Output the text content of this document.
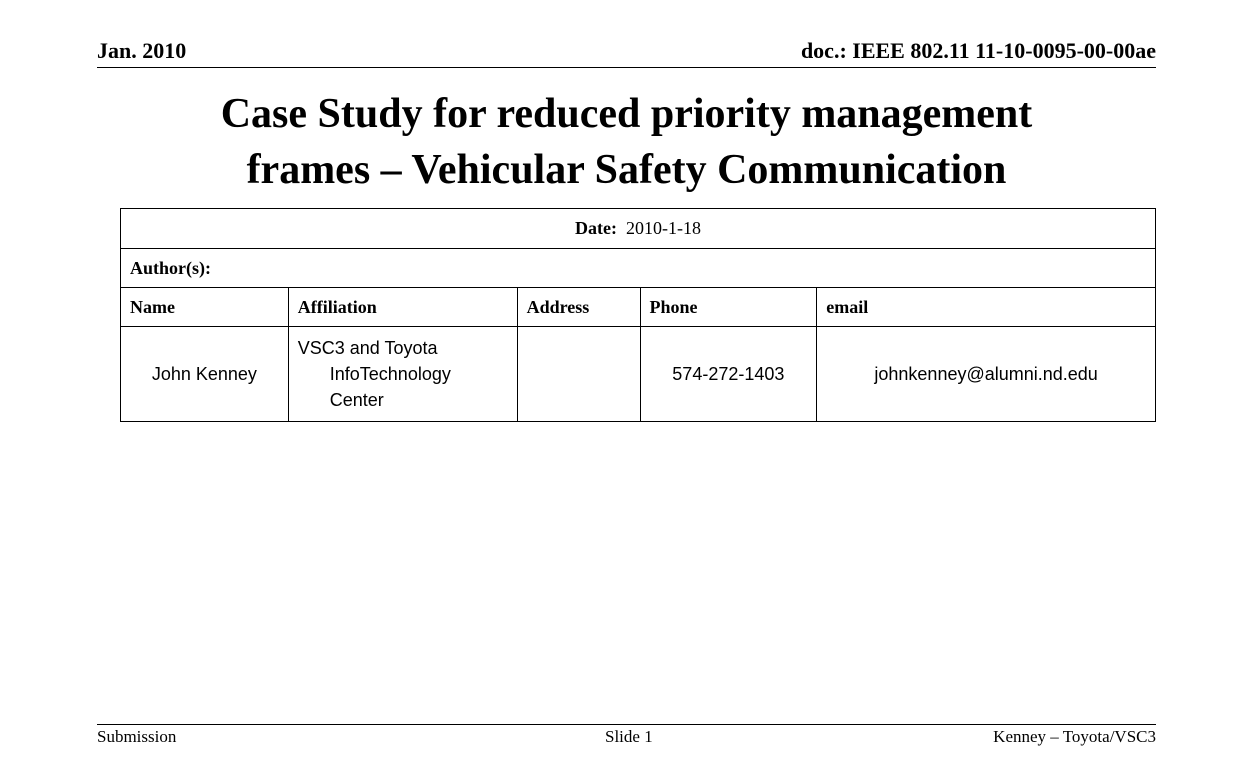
Jan. 2010	doc.: IEEE 802.11 11-10-0095-00-00ae
Case Study for reduced priority management
frames – Vehicular Safety Communication
Date: 2010-1-18				
Author(s):				
Name	Affiliation	Address	Phone	email
John Kenney	VSC3 and Toyota
InfoTechnology
Center		574-272-1403	johnkenney@alumni.nd.edu
Submission	Slide 1	Kenney – Toyota/VSC3
